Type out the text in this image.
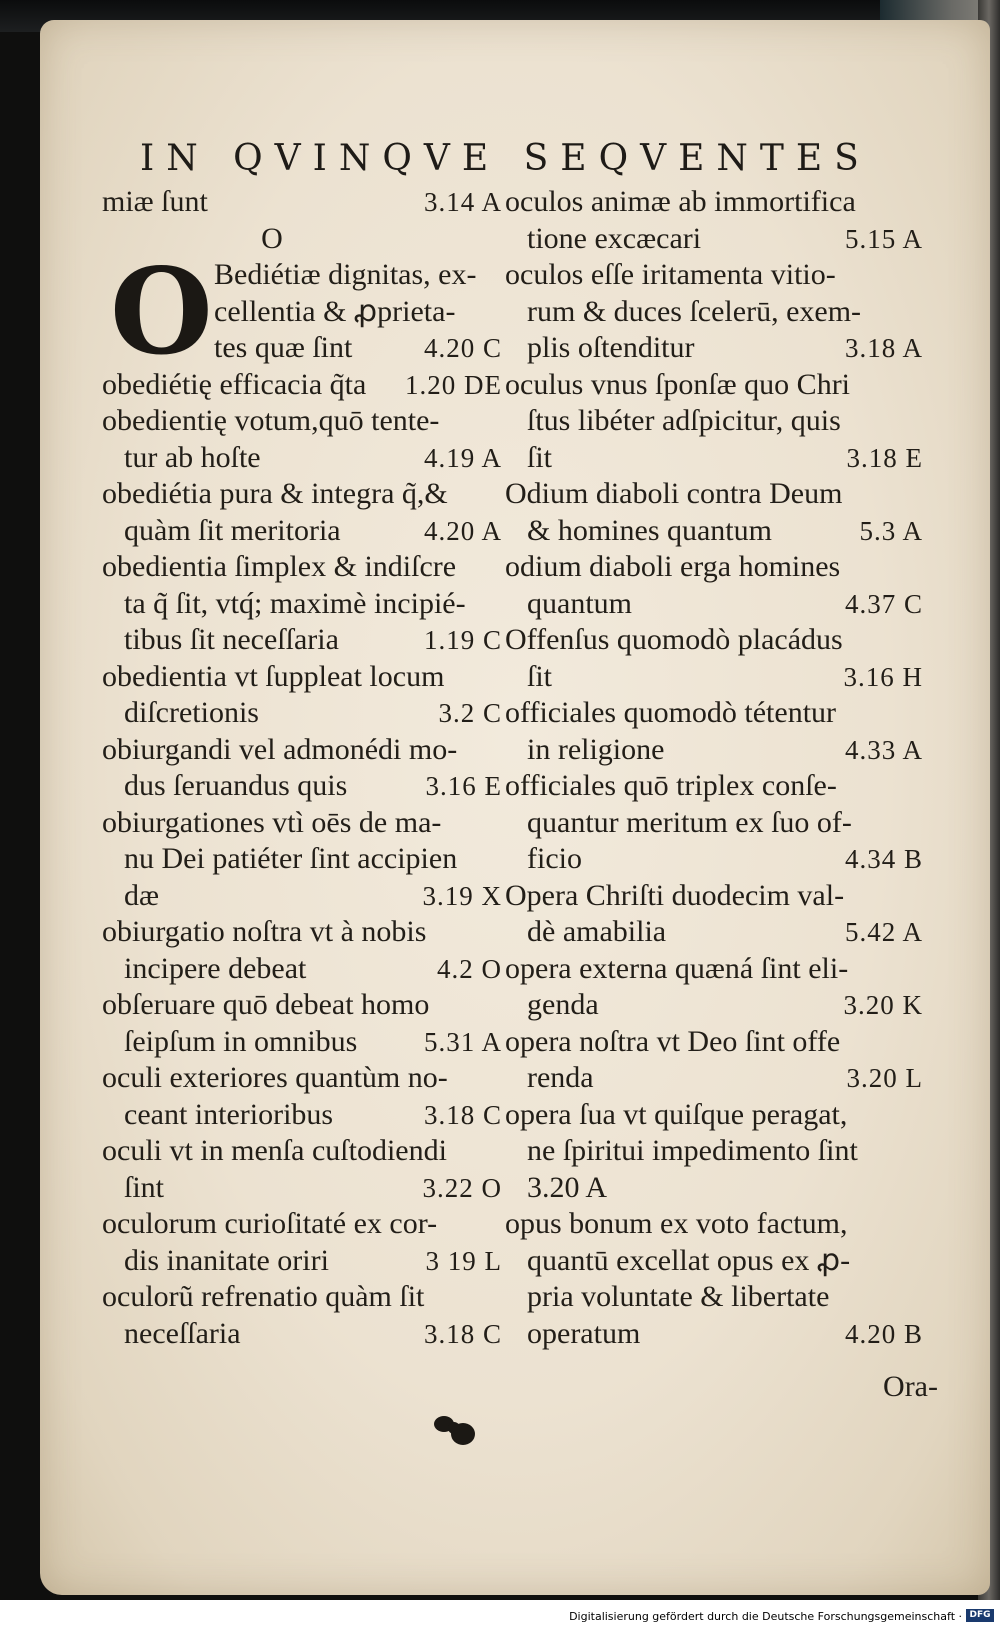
IN QVINQVE SEQVENTES
miæ ſunt	3.14 A
O
O Bediétiæ dignitas, ex-
cellentia & ꝓprieta-
tes quæ ſint	4.20 C
obediétię efficacia q̃ta 1.20 DE
obedientię votum,quō tente-
tur ab hoſte	4.19 A
obediétia pura & integra q̃,&
quàm ſit meritoria	4.20 A
obedientia ſimplex & indiſcre
ta q̃ ſit, vtq́; maximè incipié-
tibus ſit neceſſaria	1.19 C
obedientia vt ſuppleat locum
diſcretionis	3.2 C
obiurgandi vel admonédi mo-
dus ſeruandus quis	3.16 E
obiurgationes vtì oēs de ma-
nu Dei patiéter ſint accipien
dæ	3.19 X
obiurgatio noſtra vt à nobis
incipere debeat	4.2 O
obſeruare quō debeat homo
ſeipſum in omnibus 5.31 A
oculi exteriores quantùm no-
ceant interioribus	3.18 C
oculi vt in menſa cuſtodiendi
ſint	3.22 O
oculorum curioſitaté ex cor-
dis inanitate oriri	3 19 L
oculorũ refrenatio quàm ſit
neceſſaria	3.18 C
oculos animæ ab immortifica
tione excæcari	5.15 A
oculos eſſe iritamenta vitio-
rum & duces ſcelerū, exem-
plis oſtenditur	3.18 A
oculus vnus ſponſæ quo Chri
ſtus libéter adſpicitur, quis
ſit	3.18 E
Odium diaboli contra Deum
& homines quantum	5.3 A
odium diaboli erga homines
quantum	4.37 C
Offenſus quomodò placádus
ſit	3.16 H
officiales quomodò tétentur
in religione	4.33 A
officiales quō triplex conſe-
quantur meritum ex ſuo of-
ficio	4.34 B
Opera Chriſti duodecim val-
dè amabilia	5.42 A
opera externa quæná ſint eli-
genda	3.20 K
opera noſtra vt Deo ſint offe
renda	3.20 L
opera ſua vt quiſque peragat,
ne ſpiritui impedimento ſint
3.20 A
opus bonum ex voto factum,
quantū excellat opus ex ꝓ-
pria voluntate & libertate
operatum	4.20 B
Ora-
Digitalisierung gefördert durch die Deutsche Forschungsgemeinschaft · DFG
